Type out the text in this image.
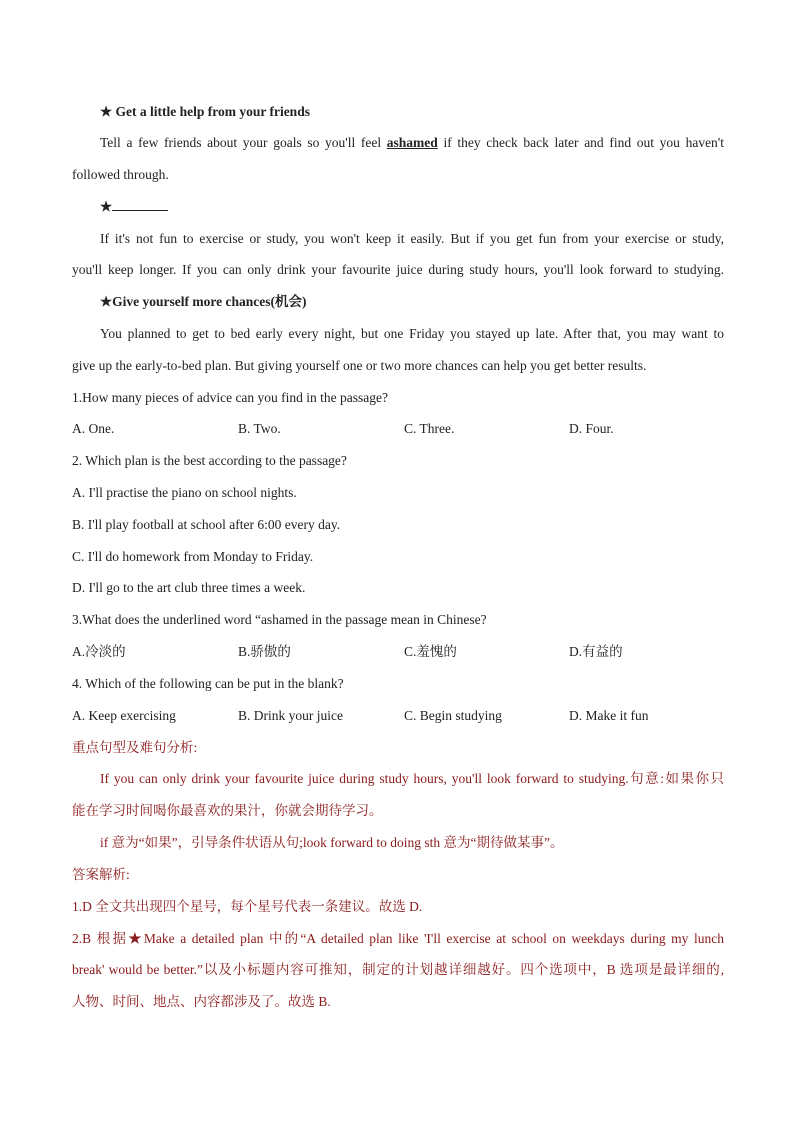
★ Get a little help from your friends
Tell a few friends about your goals so you'll feel ashamed if they check back later and find out you haven't
followed through.
★
If it's not fun to exercise or study, you won't keep it easily. But if you get fun from your exercise or study,
you'll keep longer. If you can only drink your favourite juice during study hours, you'll look forward to studying.
★Give yourself more chances(机会)
You planned to get to bed early every night, but one Friday you stayed up late. After that, you may want to
give up the early-to-bed plan. But giving yourself one or two more chances can help you get better results.
1.How many pieces of advice can you find in the passage?
A. One.	B. Two.	C. Three.	D. Four.
2. Which plan is the best according to the passage?
A. I'll practise the piano on school nights.
B. I'll play football at school after 6:00 every day.
C. I'll do homework from Monday to Friday.
D. I'll go to the art club three times a week.
3.What does the underlined word “ashamed in the passage mean in Chinese?
A.冷淡的	B.骄傲的	C.羞愧的	D.有益的
4. Which of the following can be put in the blank?
A. Keep exercising	B. Drink your juice	C. Begin studying	D. Make it fun
重点句型及难句分析:
If you can only drink your favourite juice during study hours, you'll look forward to studying.句意:如果你只
能在学习时间喝你最喜欢的果汁，你就会期待学习。
if 意为“如果”，引导条件状语从句;look forward to doing sth 意为“期待做某事”。
答案解析:
1.D 全文共出现四个星号，每个星号代表一条建议。故选 D.
2.B 根据★Make a detailed plan 中的“A detailed plan like 'I'll exercise at school on weekdays during my lunch
break' would be better.”以及小标题内容可推知，制定的计划越详细越好。四个选项中，B 选项是最详细的,
人物、时间、地点、内容都涉及了。故选 B.
